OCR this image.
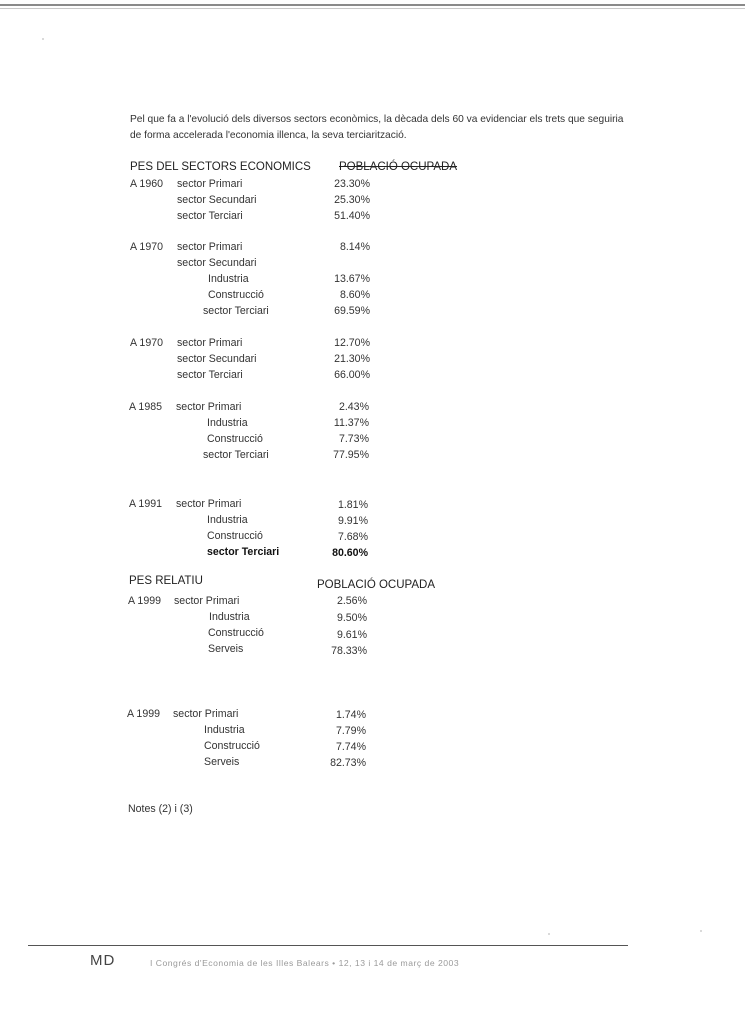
Pel que fa a l'evolució dels diversos sectors econòmics, la dècada dels 60 va evidenciar els trets que seguiria de forma accelerada l'economia illenca, la seva terciarització.
PES DEL SECTORS ECONOMICS POBLACIÓ OCUPADA
A 1960 sector Primari	23.30%
sector Secundari	25.30%
sector Terciari	51.40%
A 1970 sector Primari	8.14%
sector Secundari
Industria	13.67%
Construcció	8.60%
sector Terciari	69.59%
A 1970 sector Primari	12.70%
sector Secundari	21.30%
sector Terciari	66.00%
A 1985 sector Primari	2.43%
Industria	11.37%
Construcció	7.73%
sector Terciari	77.95%
A 1991 sector Primari	1.81%
Industria	9.91%
Construcció	7.68%
sector Terciari	80.60%
PES RELATIU	POBLACIÓ OCUPADA
A 1999 sector Primari	2.56%
Industria	9.50%
Construcció	9.61%
Serveis	78.33%
A 1999 sector Primari	1.74%
Industria	7.79%
Construcció	7.74%
Serveis	82.73%
Notes (2) i (3)
MD	I Congrés d'Economia de les Illes Balears • 12, 13 i 14 de març de 2003
